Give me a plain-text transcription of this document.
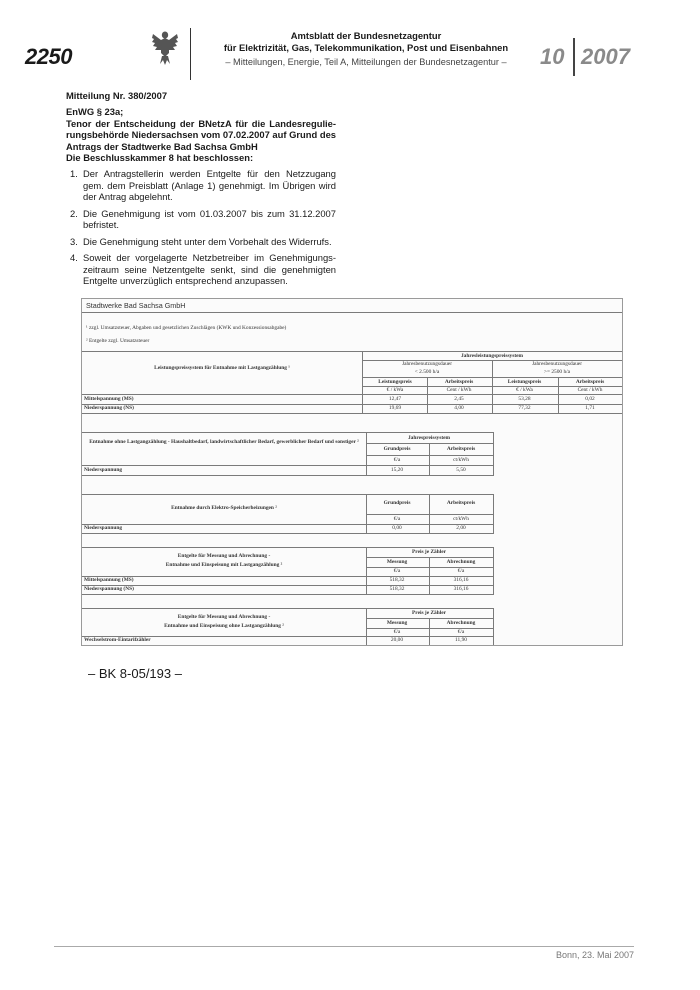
2250
Amtsblatt der Bundesnetzagentur
für Elektrizität, Gas, Telekommunikation, Post und Eisenbahnen
– Mitteilungen, Energie, Teil A, Mitteilungen der Bundesnetzagentur –	10 2007
Mitteilung Nr. 380/2007
EnWG § 23a;
Tenor der Entscheidung der BNetzA für die Landesregulierungsbehörde Niedersachsen vom 07.02.2007 auf Grund des Antrags der Stadtwerke Bad Sachsa GmbH
Die Beschlusskammer 8 hat beschlossen:
1. Der Antragstellerin werden Entgelte für den Netzzugang gem. dem Preisblatt (Anlage 1) genehmigt. Im Übrigen wird der Antrag abgelehnt.
2. Die Genehmigung ist vom 01.03.2007 bis zum 31.12.2007 befristet.
3. Die Genehmigung steht unter dem Vorbehalt des Widerrufs.
4. Soweit der vorgelagerte Netzbetreiber im Genehmigungszeitraum seine Netzentgelte senkt, sind die genehmigten Entgelte unverzüglich entsprechend anzupassen.
Stadtwerke Bad Sachsa GmbH
¹ zzgl. Umsatzsteuer, Abgaben und gesetzlichen Zuschlägen (KWK und Konzessionsabgabe)
² Entgelte zzgl. Umsatzsteuer
Jahresleistungspreissystem
Jahresbenutzungsdauer	Jahresbenutzungsdauer
< 2.500 h/a	>= 2500 h/a
Leistungspreissystem für Entnahme mit Lastgangzählung ¹
Leistungspreis	Arbeitspreis	Leistungspreis	Arbeitspreis
€ / kWa	Cent / kWh	€ / kWa	Cent / kWh
Mittelspannung (MS)	12,47	2,45	53,28	0,02
Niederspannung (NS)	19,69	4,00	77,32	1,71
Jahrespreissystem
Grundpreis	Arbeitspreis
Entnahme ohne Lastgangzählung - Haushaltbedarf, landwirtschaftlicher Bedarf, gewerblicher Bedarf und sonstiger ²
€/a	ct/kWh
Niederspannung	15,20	5,50
Grundpreis	Arbeitspreis
Entnahme durch Elektro-Speicherheizungen ²
€/a	ct/kWh
Niederspannung	0,00	2,00
Preis je Zähler
Messung	Abrechnung
Entgelte für Messung und Abrechnung -
Entnahme und Einspeisung mit Lastgangzählung ²
€/a	€/a
Mittelspannung (MS)	518,32	316,16
Niederspannung (NS)	518,32	316,16
Preis je Zähler
Messung	Abrechnung
Entgelte für Messung und Abrechnung -
Entnahme und Einspeisung ohne Lastgangzählung ²
€/a	€/a
Wechselstrom-Eintarifzähler	20,00	11,90
– BK 8-05/193 –
Bonn, 23. Mai 2007
